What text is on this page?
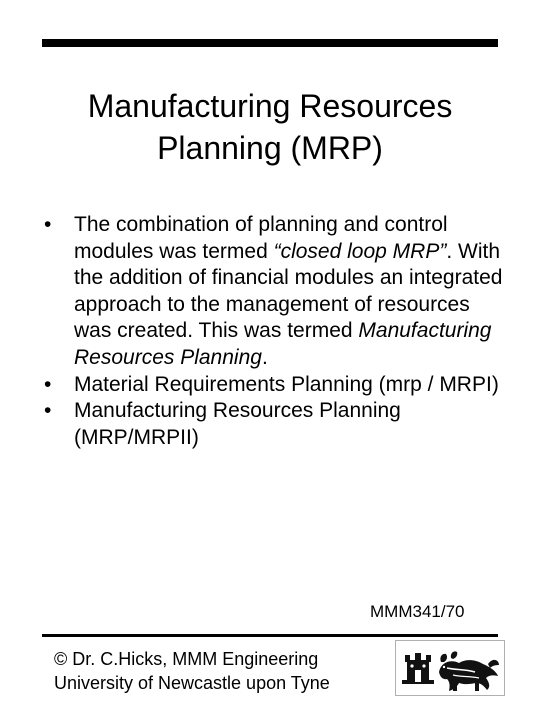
Manufacturing Resources
Planning (MRP)
• The combination of planning and control modules was termed “closed loop MRP”. With the addition of financial modules an integrated approach to the management of resources was created. This was termed Manufacturing Resources Planning.
• Material Requirements Planning (mrp / MRPI)
• Manufacturing Resources Planning (MRP/MRPII)
MMM341/70
© Dr. C.Hicks, MMM Engineering
University of Newcastle upon Tyne
